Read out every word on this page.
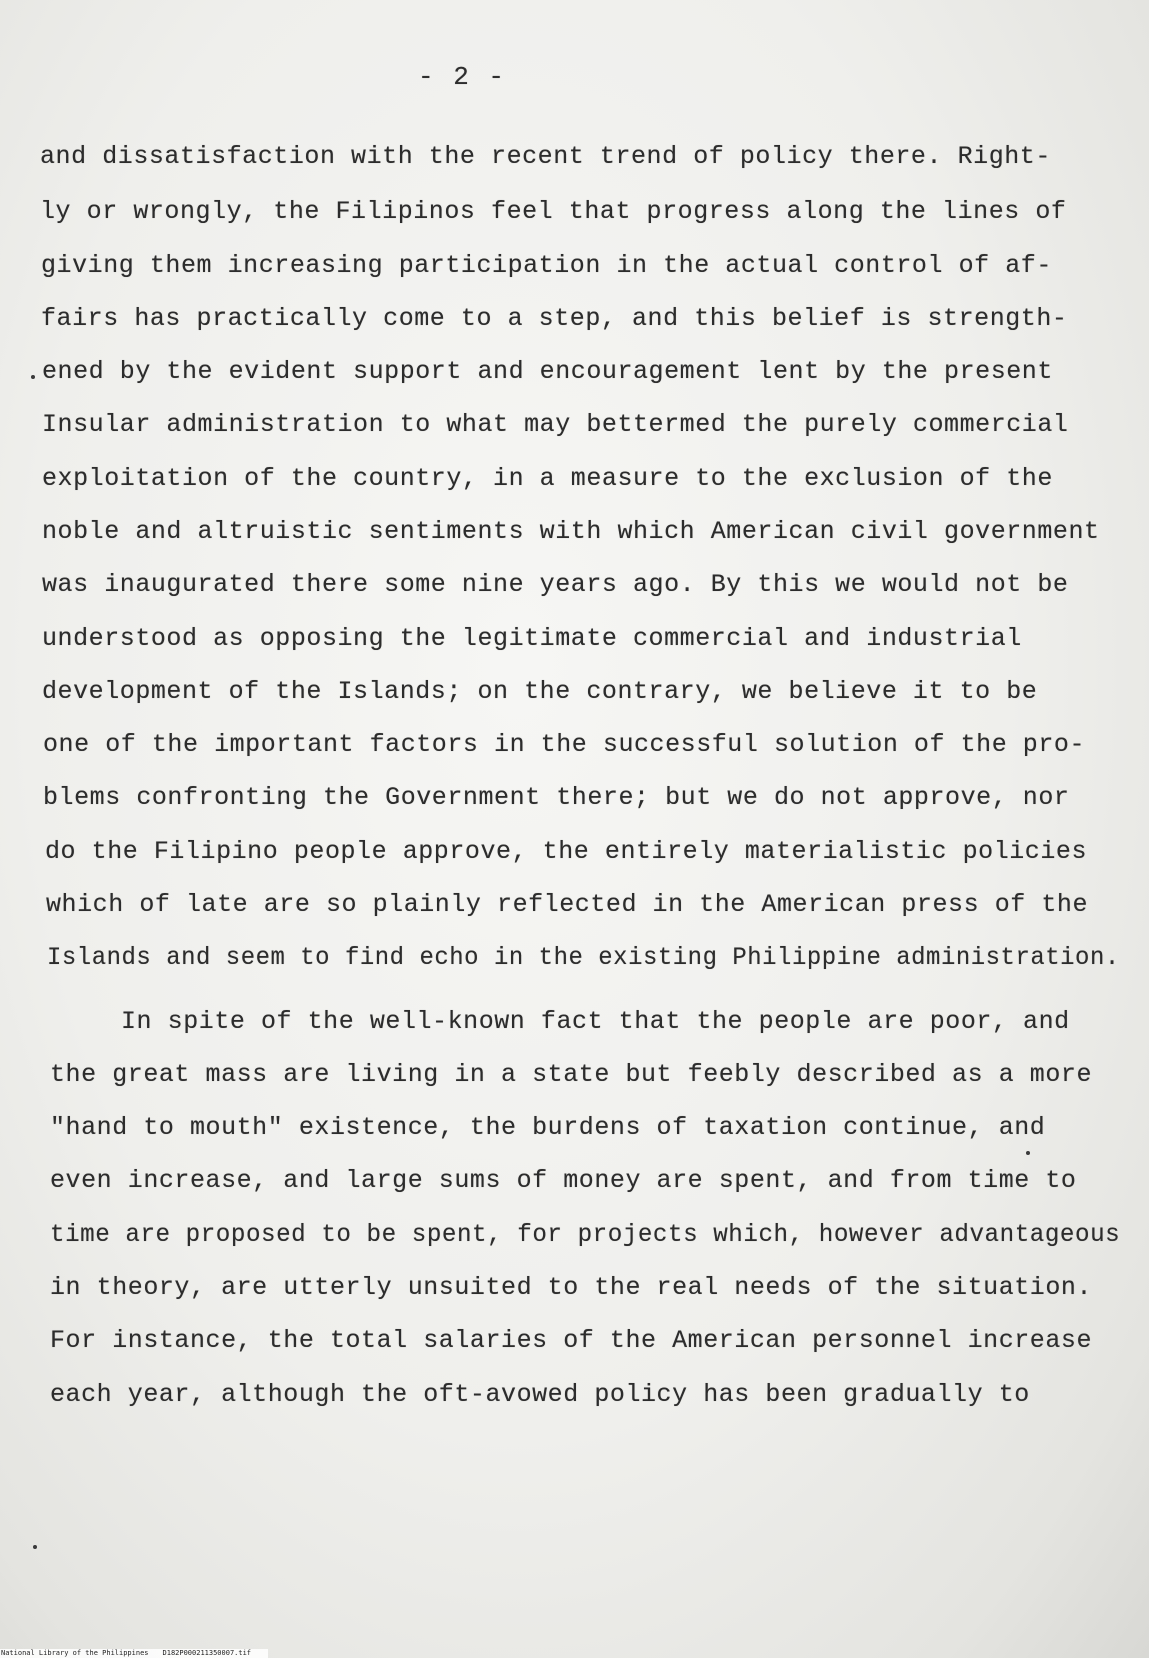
- 2 -
and dissatisfaction with the recent trend of policy there. Right-
ly or wrongly, the Filipinos feel that progress along the lines of
giving them increasing participation in the actual control of af-
fairs has practically come to a step, and this belief is strength-
ened by the evident support and encouragement lent by the present
Insular administration to what may bettermed the purely commercial
exploitation of the country, in a measure to the exclusion of the
noble and altruistic sentiments with which American civil government
was inaugurated there some nine years ago. By this we would not be
understood as opposing the legitimate commercial and industrial
development of the Islands; on the contrary, we believe it to be
one of the important factors in the successful solution of the pro-
blems confronting the Government there; but we do not approve, nor
do the Filipino people approve, the entirely materialistic policies
which of late are so plainly reflected in the American press of the
Islands and seem to find echo in the existing Philippine administration.
In spite of the well-known fact that the people are poor, and
the great mass are living in a state but feebly described as a more
"hand to mouth" existence, the burdens of taxation continue, and
even increase, and large sums of money are spent, and from time to
time are proposed to be spent, for projects which, however advantageous
in theory, are utterly unsuited to the real needs of the situation.
For instance, the total salaries of the American personnel increase
each year, although the oft-avowed policy has been gradually to
National Library of the Philippines D182P000211350007.tif
